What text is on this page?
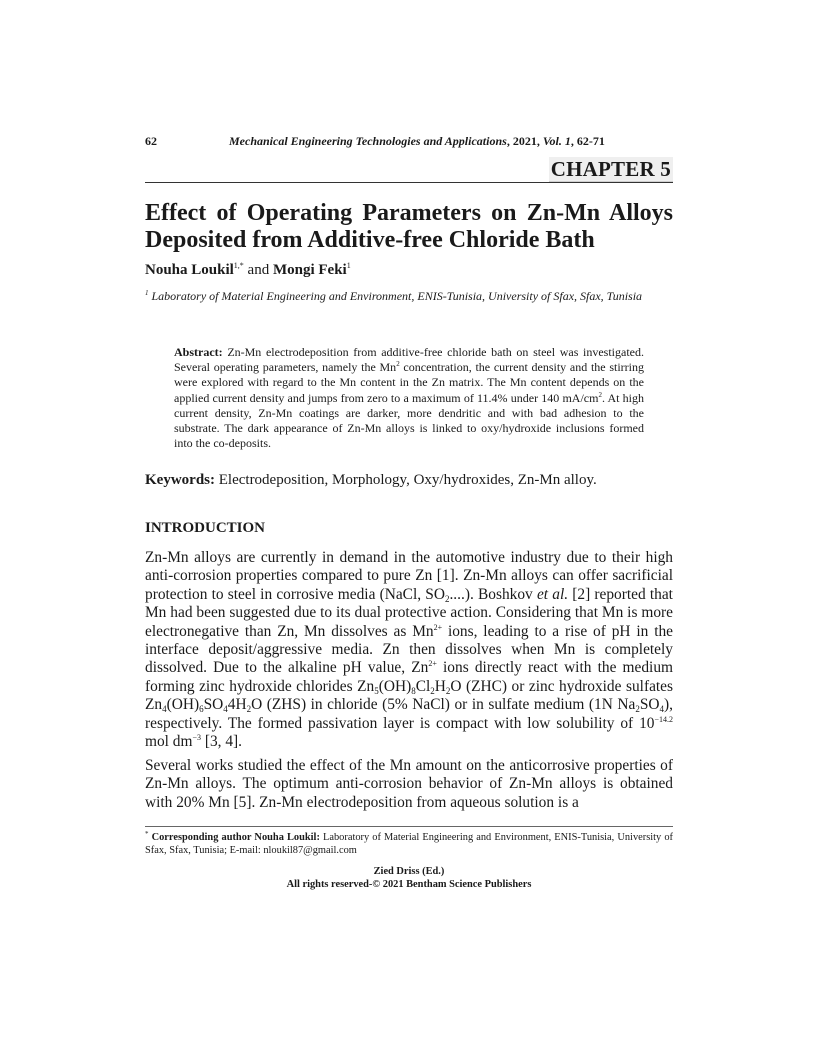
62	Mechanical Engineering Technologies and Applications, 2021, Vol. 1, 62-71
CHAPTER 5
Effect of Operating Parameters on Zn-Mn Alloys Deposited from Additive-free Chloride Bath
Nouha Loukil$^{1,*}$ and Mongi Feki$^1$
$^1$ Laboratory of Material Engineering and Environment, ENIS-Tunisia, University of Sfax, Sfax, Tunisia
Abstract: Zn-Mn electrodeposition from additive-free chloride bath on steel was investigated. Several operating parameters, namely the Mn$^2$ concentration, the current density and the stirring were explored with regard to the Mn content in the Zn matrix. The Mn content depends on the applied current density and jumps from zero to a maximum of 11.4% under 140 $mA/cm^2$. At high current density, Zn-Mn coatings are darker, more dendritic and with bad adhesion to the substrate. The dark appearance of Zn-Mn alloys is linked to oxy/hydroxide inclusions formed into the co-deposits.
Keywords: Electrodeposition, Morphology, Oxy/hydroxides, Zn-Mn alloy.
INTRODUCTION
Zn-Mn alloys are currently in demand in the automotive industry due to their high anti-corrosion properties compared to pure Zn [1]. Zn-Mn alloys can offer sacrificial protection to steel in corrosive media (NaCl, $SO_2$....). Boshkov et al. [2] reported that Mn had been suggested due to its dual protective action. Considering that Mn is more electronegative than Zn, Mn dissolves as $Mn^{2+}$ ions, leading to a rise of pH in the interface deposit/aggressive media. Zn then dissolves when Mn is completely dissolved. Due to the alkaline pH value, $Zn^{2+}$ ions directly react with the medium forming zinc hydroxide chlorides $Zn_5(OH)_8Cl_2H_2O$ (ZHC) or zinc hydroxide sulfates $Zn_4(OH)_6SO_44H_2O$ (ZHS) in chloride (5% NaCl) or in sulfate medium (1N $Na_2SO_4$), respectively. The formed passivation layer is compact with low solubility of $10^{-14.2}$ mol $dm^{-3}$ [3, 4].
Several works studied the effect of the Mn amount on the anticorrosive properties of Zn-Mn alloys. The optimum anti-corrosion behavior of Zn-Mn alloys is obtained with 20% Mn [5]. Zn-Mn electrodeposition from aqueous solution is a
* Corresponding author Nouha Loukil: Laboratory of Material Engineering and Environment, ENIS-Tunisia, University of Sfax, Sfax, Tunisia; E-mail: nloukil87@gmail.com
Zied Driss (Ed.)
All rights reserved-© 2021 Bentham Science Publishers
